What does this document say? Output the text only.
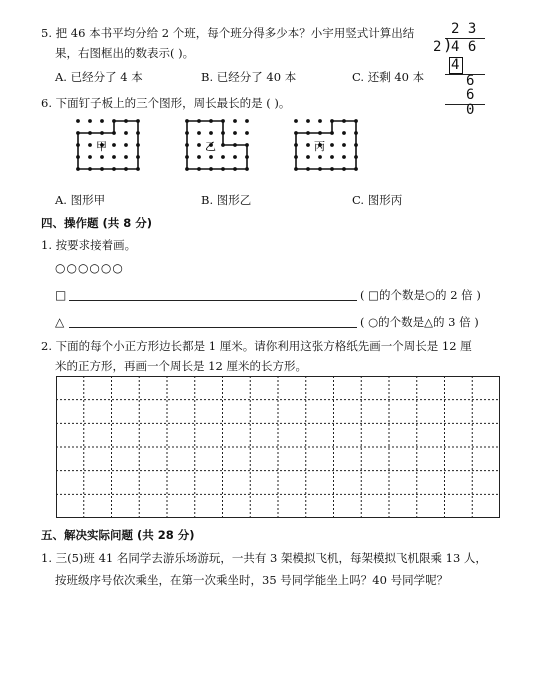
5. 把 46 本书平均分给 2 个班，每个班分得多少本？小宇用竖式计算出结
果，右图框出的数表示( )。
A. 已经分了 4 本	B. 已经分了 40 本	C. 还剩 40 本
2 3
2 )
4 6
4
6
6
0
6. 下面钉子板上的三个图形，周长最长的是 ( )。
甲	乙	丙
A. 图形甲	B. 图形乙	C. 图形丙
四、操作题 (共 8 分)
1. 按要求接着画。
○○○○○○
□	( □的个数是○的 2 倍 )
△	( ○的个数是△的 3 倍 )
2. 下面的每个小正方形边长都是 1 厘米。请你利用这张方格纸先画一个周长是 12 厘
米的正方形，再画一个周长是 12 厘米的长方形。
五、解决实际问题 (共 28 分)
1. 三(5)班 41 名同学去游乐场游玩，一共有 3 架模拟飞机，每架模拟飞机限乘 13 人，
按班级序号依次乘坐，在第一次乘坐时，35 号同学能坐上吗？40 号同学呢？
